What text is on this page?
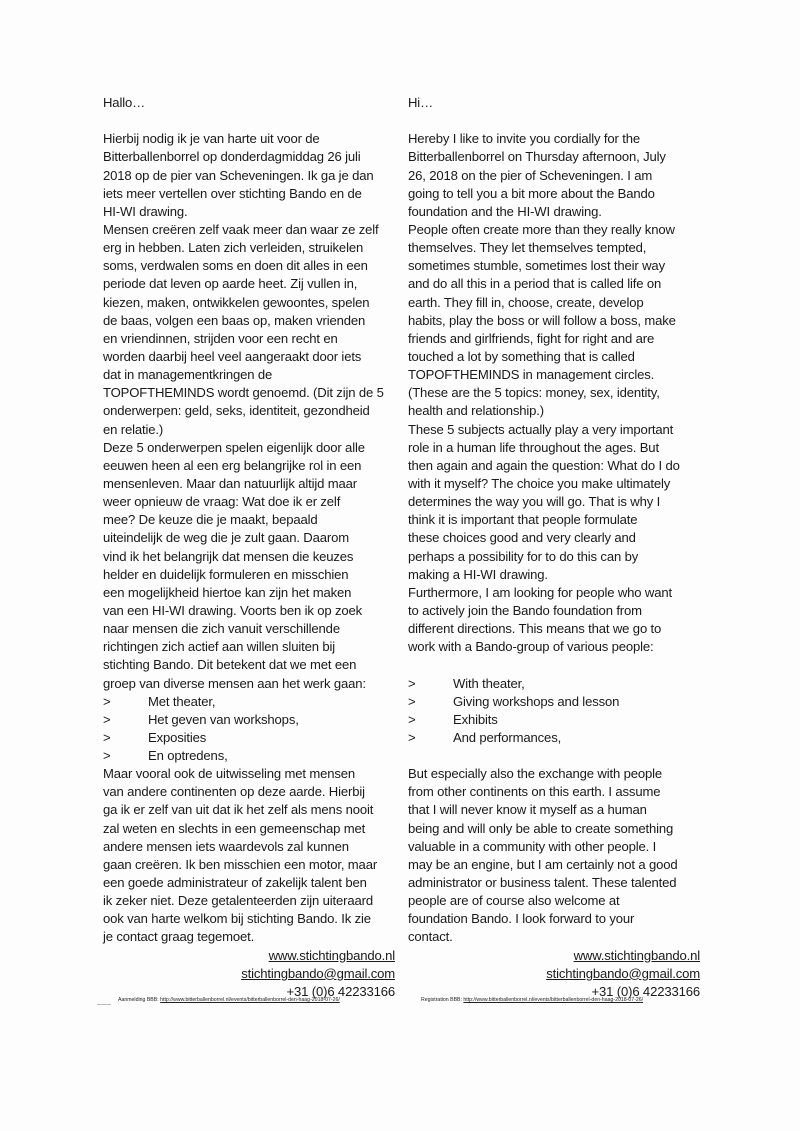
Hallo…
Hierbij nodig ik je van harte uit voor de
Bitterballenborrel op donderdagmiddag 26 juli
2018 op de pier van Scheveningen. Ik ga je dan
iets meer vertellen over stichting Bando en de
HI-WI drawing.
Mensen creëren zelf vaak meer dan waar ze zelf
erg in hebben. Laten zich verleiden, struikelen
soms, verdwalen soms en doen dit alles in een
periode dat leven op aarde heet. Zij vullen in,
kiezen, maken, ontwikkelen gewoontes, spelen
de baas, volgen een baas op, maken vrienden
en vriendinnen, strijden voor een recht en
worden daarbij heel veel aangeraakt door iets
dat in managementkringen de
TOPOFTHEMINDS wordt genoemd. (Dit zijn de 5
onderwerpen: geld, seks, identiteit, gezondheid
en relatie.)
Deze 5 onderwerpen spelen eigenlijk door alle
eeuwen heen al een erg belangrijke rol in een
mensenleven. Maar dan natuurlijk altijd maar
weer opnieuw de vraag: Wat doe ik er zelf
mee? De keuze die je maakt, bepaald
uiteindelijk de weg die je zult gaan. Daarom
vind ik het belangrijk dat mensen die keuzes
helder en duidelijk formuleren en misschien
een mogelijkheid hiertoe kan zijn het maken
van een HI-WI drawing. Voorts ben ik op zoek
naar mensen die zich vanuit verschillende
richtingen zich actief aan willen sluiten bij
stichting Bando. Dit betekent dat we met een
groep van diverse mensen aan het werk gaan:
>	Met theater,
>	Het geven van workshops,
>	Exposities
>	En optredens,
Maar vooral ook de uitwisseling met mensen
van andere continenten op deze aarde. Hierbij
ga ik er zelf van uit dat ik het zelf als mens nooit
zal weten en slechts in een gemeenschap met
andere mensen iets waardevols zal kunnen
gaan creëren. Ik ben misschien een motor, maar
een goede administrateur of zakelijk talent ben
ik zeker niet. Deze getalenteerden zijn uiteraard
ook van harte welkom bij stichting Bando. Ik zie
je contact graag tegemoet.
www.stichtingbando.nl
stichtingbando@gmail.com
+31 (0)6 42233166
Hi…
Hereby I like to invite you cordially for the
Bitterballenborrel on Thursday afternoon, July
26, 2018 on the pier of Scheveningen. I am
going to tell you a bit more about the Bando
foundation and the HI-WI drawing.
People often create more than they really know
themselves. They let themselves tempted,
sometimes stumble, sometimes lost their way
and do all this in a period that is called life on
earth. They fill in, choose, create, develop
habits, play the boss or will follow a boss, make
friends and girlfriends, fight for right and are
touched a lot by something that is called
TOPOFTHEMINDS in management circles.
(These are the 5 topics: money, sex, identity,
health and relationship.)
These 5 subjects actually play a very important
role in a human life throughout the ages. But
then again and again the question: What do I do
with it myself? The choice you make ultimately
determines the way you will go. That is why I
think it is important that people formulate
these choices good and very clearly and
perhaps a possibility for to do this can by
making a HI-WI drawing.
Furthermore, I am looking for people who want
to actively join the Bando foundation from
different directions. This means that we go to
work with a Bando-group of various people:
>	With theater,
>	Giving workshops and lesson
>	Exhibits
>	And performances,
But especially also the exchange with people
from other continents on this earth. I assume
that I will never know it myself as a human
being and will only be able to create something
valuable in a community with other people. I
may be an engine, but I am certainly not a good
administrator or business talent. These talented
people are of course also welcome at
foundation Bando. I look forward to your
contact.
www.stichtingbando.nl
stichtingbando@gmail.com
+31 (0)6 42233166
Aanmelding BBB: http://www.bitterballenborrel.nl/events/bitterballenborrel-den-haag-2018-07-26/	Registration BBB: http://www.bitterballenborrel.nl/events/bitterballenborrel-den-haag-2018-07-26/
